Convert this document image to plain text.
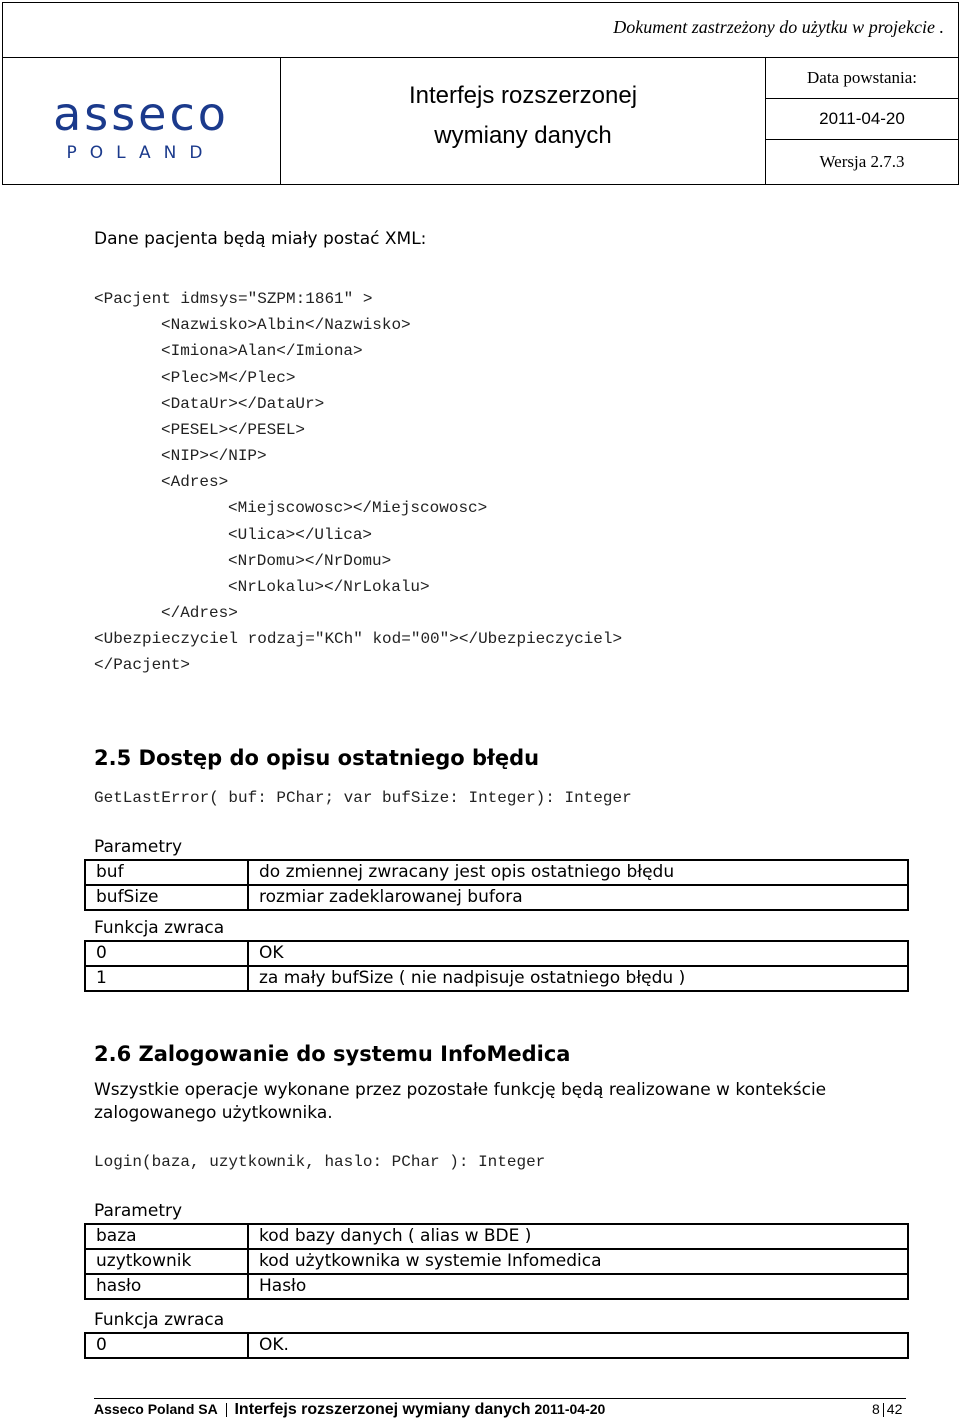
Dokument zastrzeżony do użytku w projekcie .
asseco
POLAND
Interfejs rozszerzonej
wymiany danych
Data powstania:
2011-04-20
Wersja 2.7.3
Dane pacjenta będą miały postać XML:
<Pacjent idmsys="SZPM:1861" >
<Nazwisko>Albin</Nazwisko>
<Imiona>Alan</Imiona>
<Plec>M</Plec>
<DataUr></DataUr>
<PESEL></PESEL>
<NIP></NIP>
<Adres>
<Miejscowosc></Miejscowosc>
<Ulica></Ulica>
<NrDomu></NrDomu>
<NrLokalu></NrLokalu>
</Adres>
<Ubezpieczyciel rodzaj="KCh" kod="00"></Ubezpieczyciel>
</Pacjent>
2.5 Dostęp do opisu ostatniego błędu
GetLastError( buf: PChar; var bufSize: Integer): Integer
Parametry
buf	do zmiennej zwracany jest opis ostatniego błędu
bufSize	rozmiar zadeklarowanej bufora
Funkcja zwraca
0	OK
1	za mały bufSize ( nie nadpisuje ostatniego błędu )
2.6 Zalogowanie do systemu InfoMedica
Wszystkie operacje wykonane przez pozostałe funkcję będą realizowane w kontekście
zalogowanego użytkownika.
Login(baza, uzytkownik, haslo: PChar ): Integer
Parametry
baza	kod bazy danych ( alias w BDE )
uzytkownik	kod użytkownika w systemie Infomedica
hasło	Hasło
Funkcja zwraca
0	OK.
Asseco Poland SA Interfejs rozszerzonej wymiany danych 2011-04-20	8 42
